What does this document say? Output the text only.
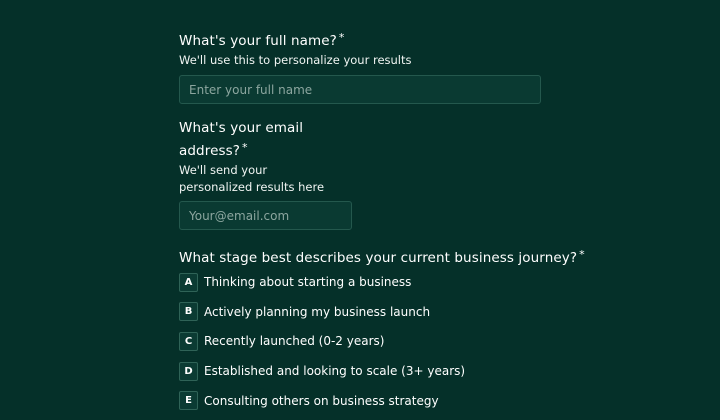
What's your full name? *
We'll use this to personalize your results
Enter your full name
What's your email address? *
We'll send your personalized results here
Your@email.com
What stage best describes your current business journey? *
A Thinking about starting a business
B Actively planning my business launch
C Recently launched (0-2 years)
D Established and looking to scale (3+ years)
E	Consulting others on business strategy
